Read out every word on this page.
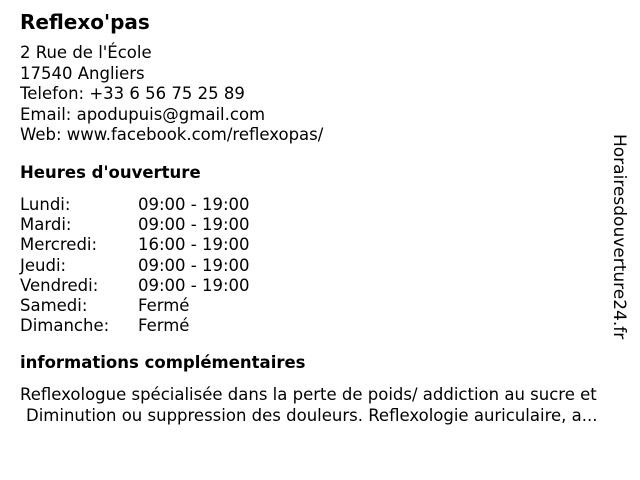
Reflexo'pas
2 Rue de l'École
17540 Angliers
Telefon: +33 6 56 75 25 89
Email: apodupuis@gmail.com
Web: www.facebook.com/reflexopas/
Heures d'ouverture
Lundi:	09:00 - 19:00
Mardi:	09:00 - 19:00
Mercredi: 16:00 - 19:00
Jeudi:	09:00 - 19:00
Vendredi: 09:00 - 19:00
Samedi:	Fermé
Dimanche: Fermé
informations complémentaires
Reflexologue spécialisée dans la perte de poids/ addiction au sucre et
Diminution ou suppression des douleurs. Reflexologie auriculaire, a...
Horairesdouverture24.fr
